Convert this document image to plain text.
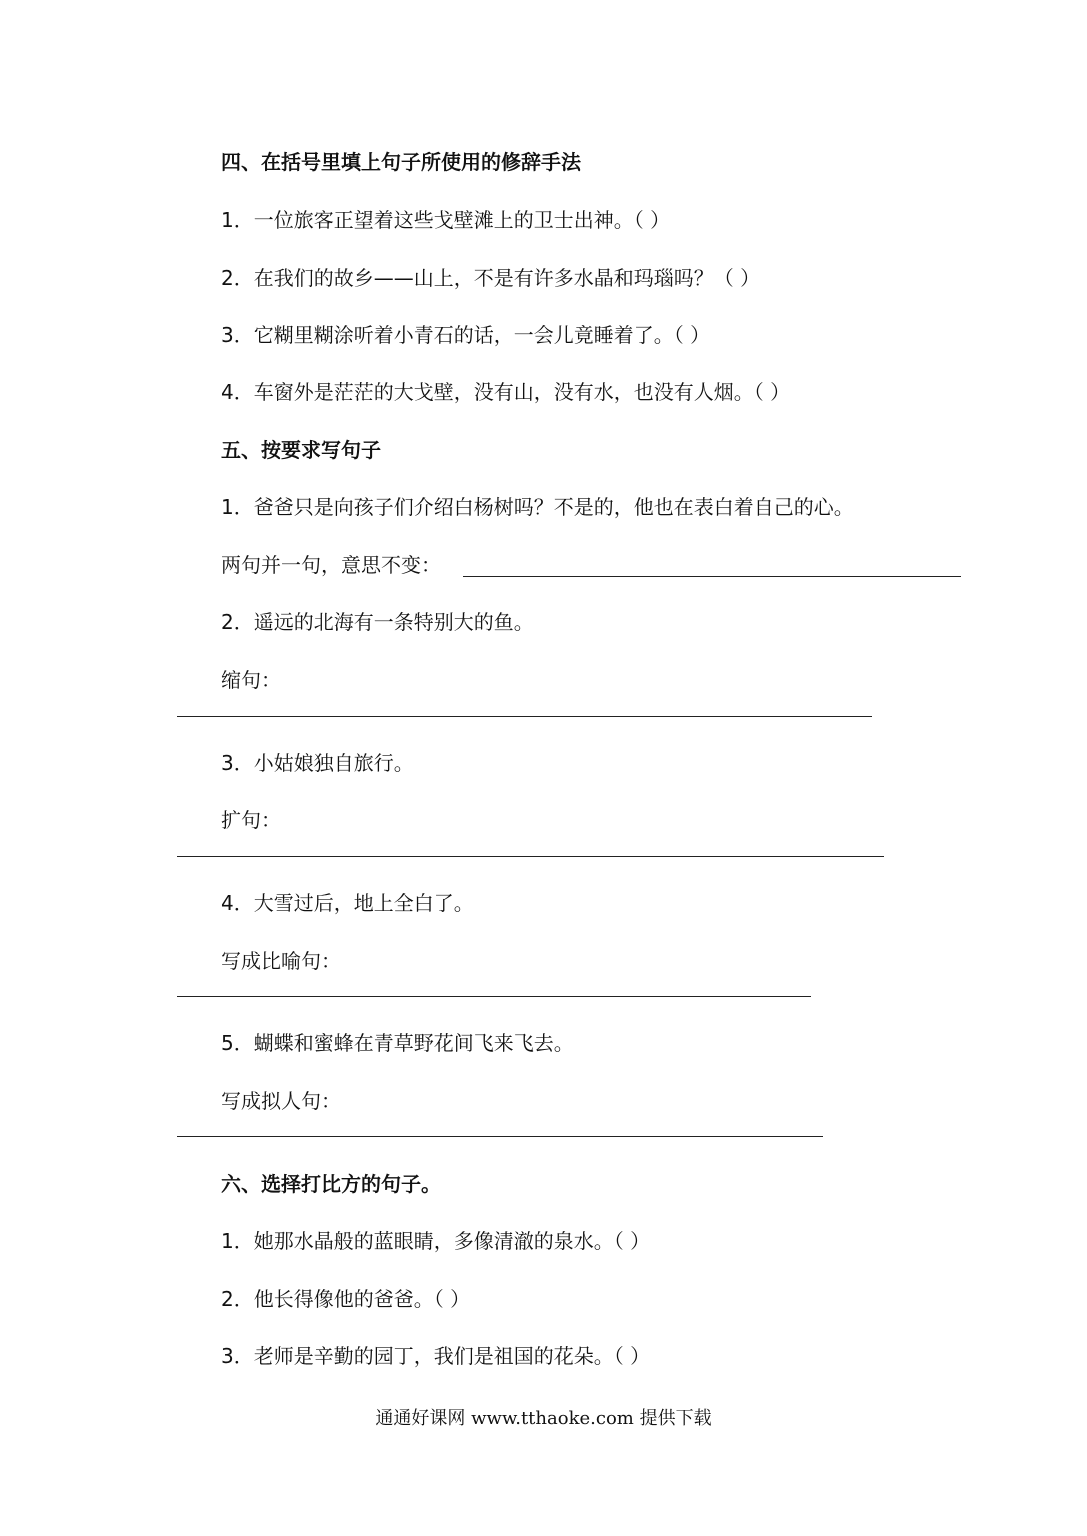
四、在括号里填上句子所使用的修辞手法
1．一位旅客正望着这些戈壁滩上的卫士出神。（ ）
2．在我们的故乡——山上，不是有许多水晶和玛瑙吗？（ ）
3．它糊里糊涂听着小青石的话，一会儿竟睡着了。（ ）
4．车窗外是茫茫的大戈壁，没有山，没有水，也没有人烟。（ ）
五、按要求写句子
1．爸爸只是向孩子们介绍白杨树吗？不是的，他也在表白着自己的心。
两句并一句，意思不变：
2．遥远的北海有一条特别大的鱼。
缩句：
3．小姑娘独自旅行。
扩句：
4．大雪过后，地上全白了。
写成比喻句：
5．蝴蝶和蜜蜂在青草野花间飞来飞去。
写成拟人句：
六、选择打比方的句子。
1．她那水晶般的蓝眼睛，多像清澈的泉水。（ ）
2．他长得像他的爸爸。（ ）
3．老师是辛勤的园丁，我们是祖国的花朵。（ ）
通通好课网 www.tthaoke.com 提供下载
